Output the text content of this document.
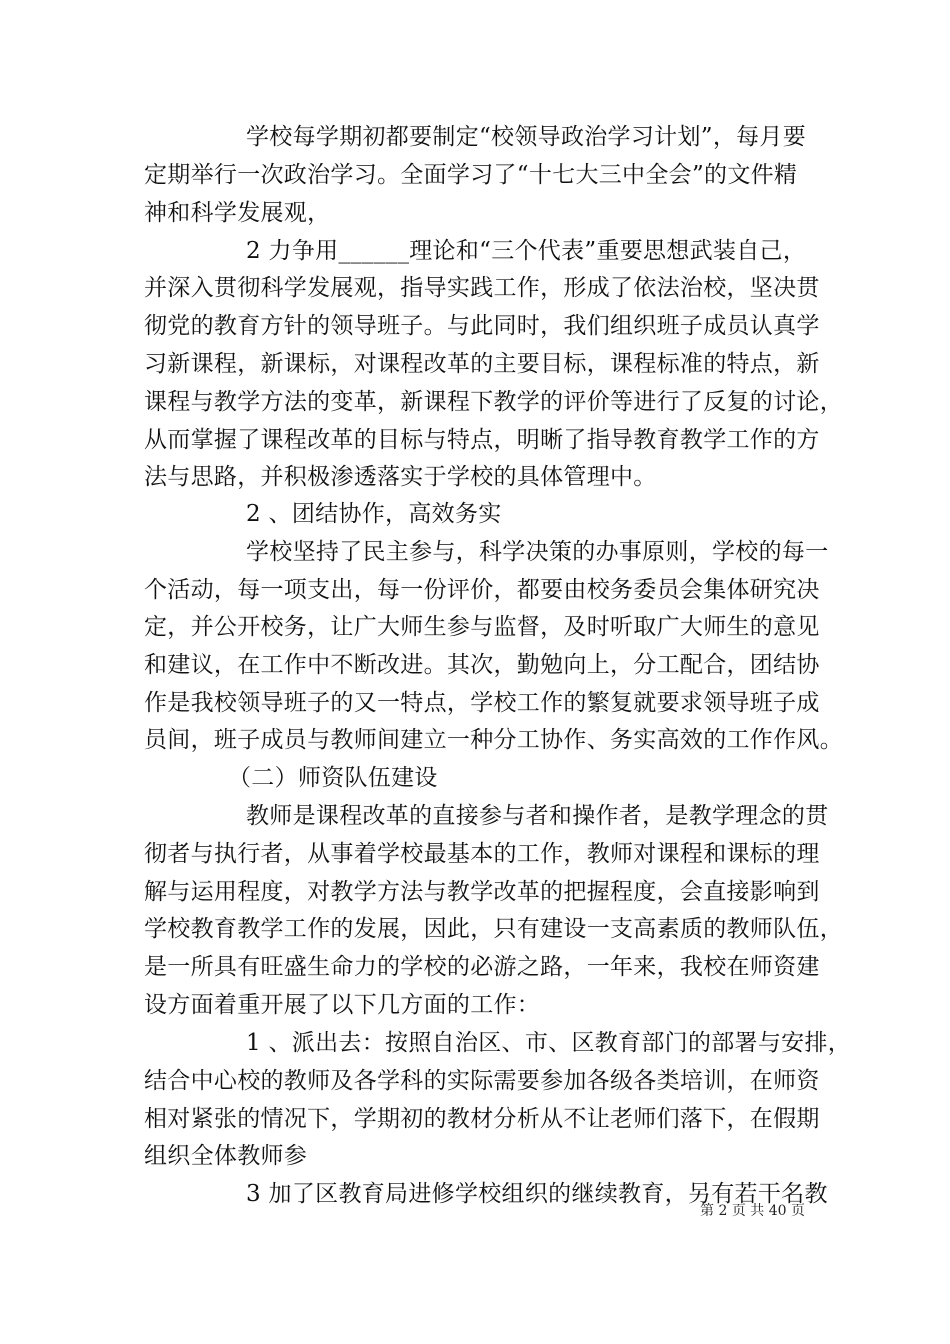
学校每学期初都要制定“校领导政治学习计划”，每月要
定期举行一次政治学习。全面学习了“十七大三中全会”的文件精
神和科学发展观，
2 力争用______理论和“三个代表”重要思想武装自己，
并深入贯彻科学发展观，指导实践工作，形成了依法治校，坚决贯
彻党的教育方针的领导班子。与此同时，我们组织班子成员认真学
习新课程，新课标，对课程改革的主要目标，课程标准的特点，新
课程与教学方法的变革，新课程下教学的评价等进行了反复的讨论，
从而掌握了课程改革的目标与特点，明晰了指导教育教学工作的方
法与思路，并积极渗透落实于学校的具体管理中。
2 、团结协作，高效务实
学校坚持了民主参与，科学决策的办事原则，学校的每一
个活动，每一项支出，每一份评价，都要由校务委员会集体研究决
定，并公开校务，让广大师生参与监督，及时听取广大师生的意见
和建议，在工作中不断改进。其次，勤勉向上，分工配合，团结协
作是我校领导班子的又一特点，学校工作的繁复就要求领导班子成
员间，班子成员与教师间建立一种分工协作、务实高效的工作作风。
（二）师资队伍建设
教师是课程改革的直接参与者和操作者，是教学理念的贯
彻者与执行者，从事着学校最基本的工作，教师对课程和课标的理
解与运用程度，对教学方法与教学改革的把握程度，会直接影响到
学校教育教学工作的发展，因此，只有建设一支高素质的教师队伍，
是一所具有旺盛生命力的学校的必游之路，一年来，我校在师资建
设方面着重开展了以下几方面的工作：
1 、派出去：按照自治区、市、区教育部门的部署与安排，
结合中心校的教师及各学科的实际需要参加各级各类培训，在师资
相对紧张的情况下，学期初的教材分析从不让老师们落下，在假期
组织全体教师参
3 加了区教育局进修学校组织的继续教育，另有若干名教
第 2 页 共 40 页
